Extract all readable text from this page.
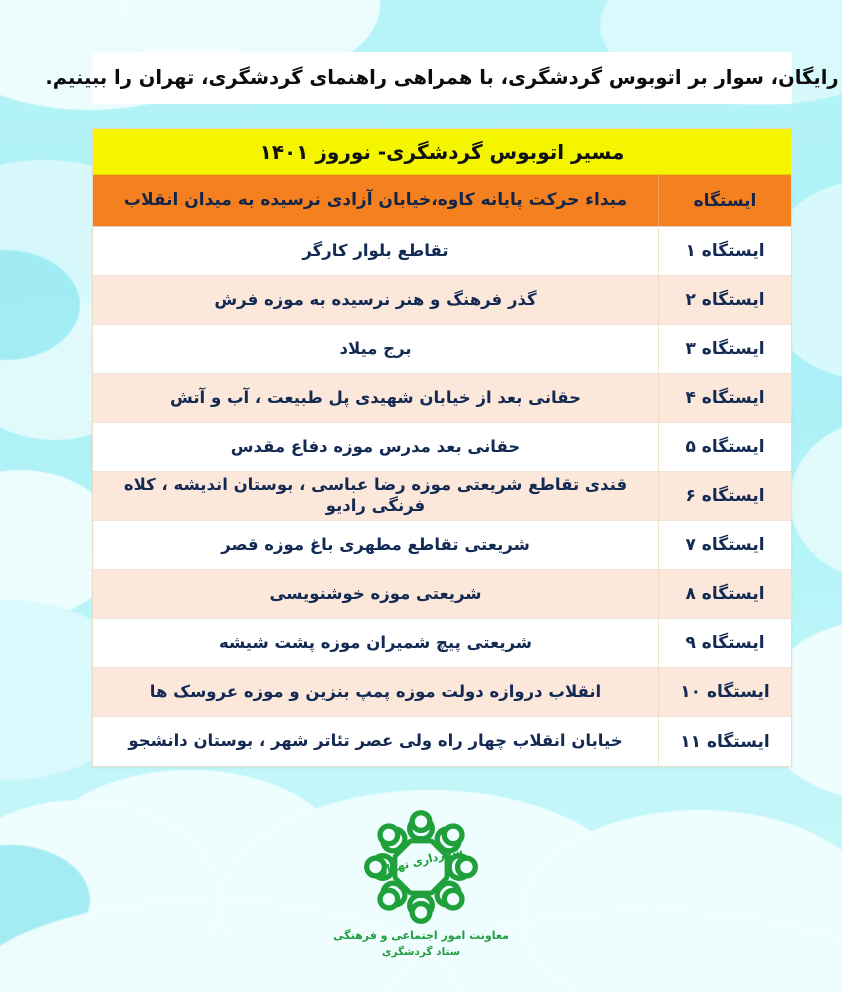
رایگان، سوار بر اتوبوس گردشگری، با همراهی راهنمای گردشگری، تهران را ببینیم.
مسیر اتوبوس گردشگری- نوروز ۱۴۰۱
ایستگاه
مبداء حرکت پایانه کاوه،خیابان آزادی نرسیده به میدان انقلاب
ایستگاه ۱
تقاطع بلوار کارگر
ایستگاه ۲
گذر فرهنگ و هنر نرسیده به موزه فرش
ایستگاه ۳
برج میلاد
ایستگاه ۴
حقانی بعد از خیابان شهیدی پل طبیعت ، آب و آتش
ایستگاه ۵
حقانی بعد مدرس موزه دفاع مقدس
ایستگاه ۶
قندی تقاطع شریعتی موزه رضا عباسی ، بوستان اندیشه ، کلاه فرنگی رادیو
ایستگاه ۷
شریعتی تقاطع مطهری باغ موزه قصر
ایستگاه ۸
شریعتی موزه خوشنویسی
ایستگاه ۹
شریعتی پیچ شمیران موزه پشت شیشه
ایستگاه ۱۰
انقلاب دروازه دولت موزه پمپ بنزین و موزه عروسک ها
ایستگاه ۱۱
خیابان انقلاب چهار راه ولی عصر تئاتر شهر ، بوستان دانشجو
شهرداری تهران
معاونت امور اجتماعی و فرهنگی
ستاد گردشگری
